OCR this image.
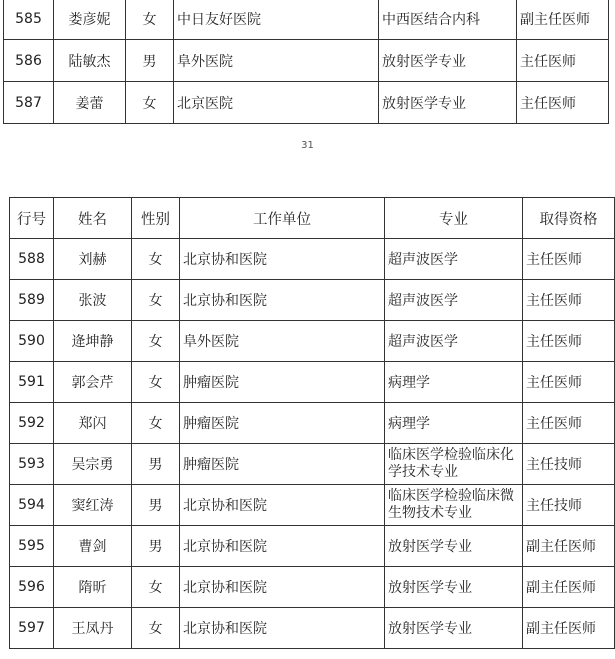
585	娄彦妮	女	中日友好医院	中西医结合内科	副主任医师
586	陆敏杰	男	阜外医院	放射医学专业	主任医师
587	姜蕾	女	北京医院	放射医学专业	主任医师
31
行号	姓名	性别	工作单位	专业	取得资格
588	刘赫	女	北京协和医院	超声波医学	主任医师
589	张波	女	北京协和医院	超声波医学	主任医师
590	逄坤静	女	阜外医院	超声波医学	主任医师
591	郭会芹	女	肿瘤医院	病理学	主任医师
592	郑闪	女	肿瘤医院	病理学	主任医师
593	吴宗勇	男	肿瘤医院	临床医学检验临床化学技术专业	主任技师
594	窦红涛	男	北京协和医院	临床医学检验临床微生物技术专业	主任技师
595	曹剑	男	北京协和医院	放射医学专业	副主任医师
596	隋昕	女	北京协和医院	放射医学专业	副主任医师
597	王凤丹	女	北京协和医院	放射医学专业	副主任医师
